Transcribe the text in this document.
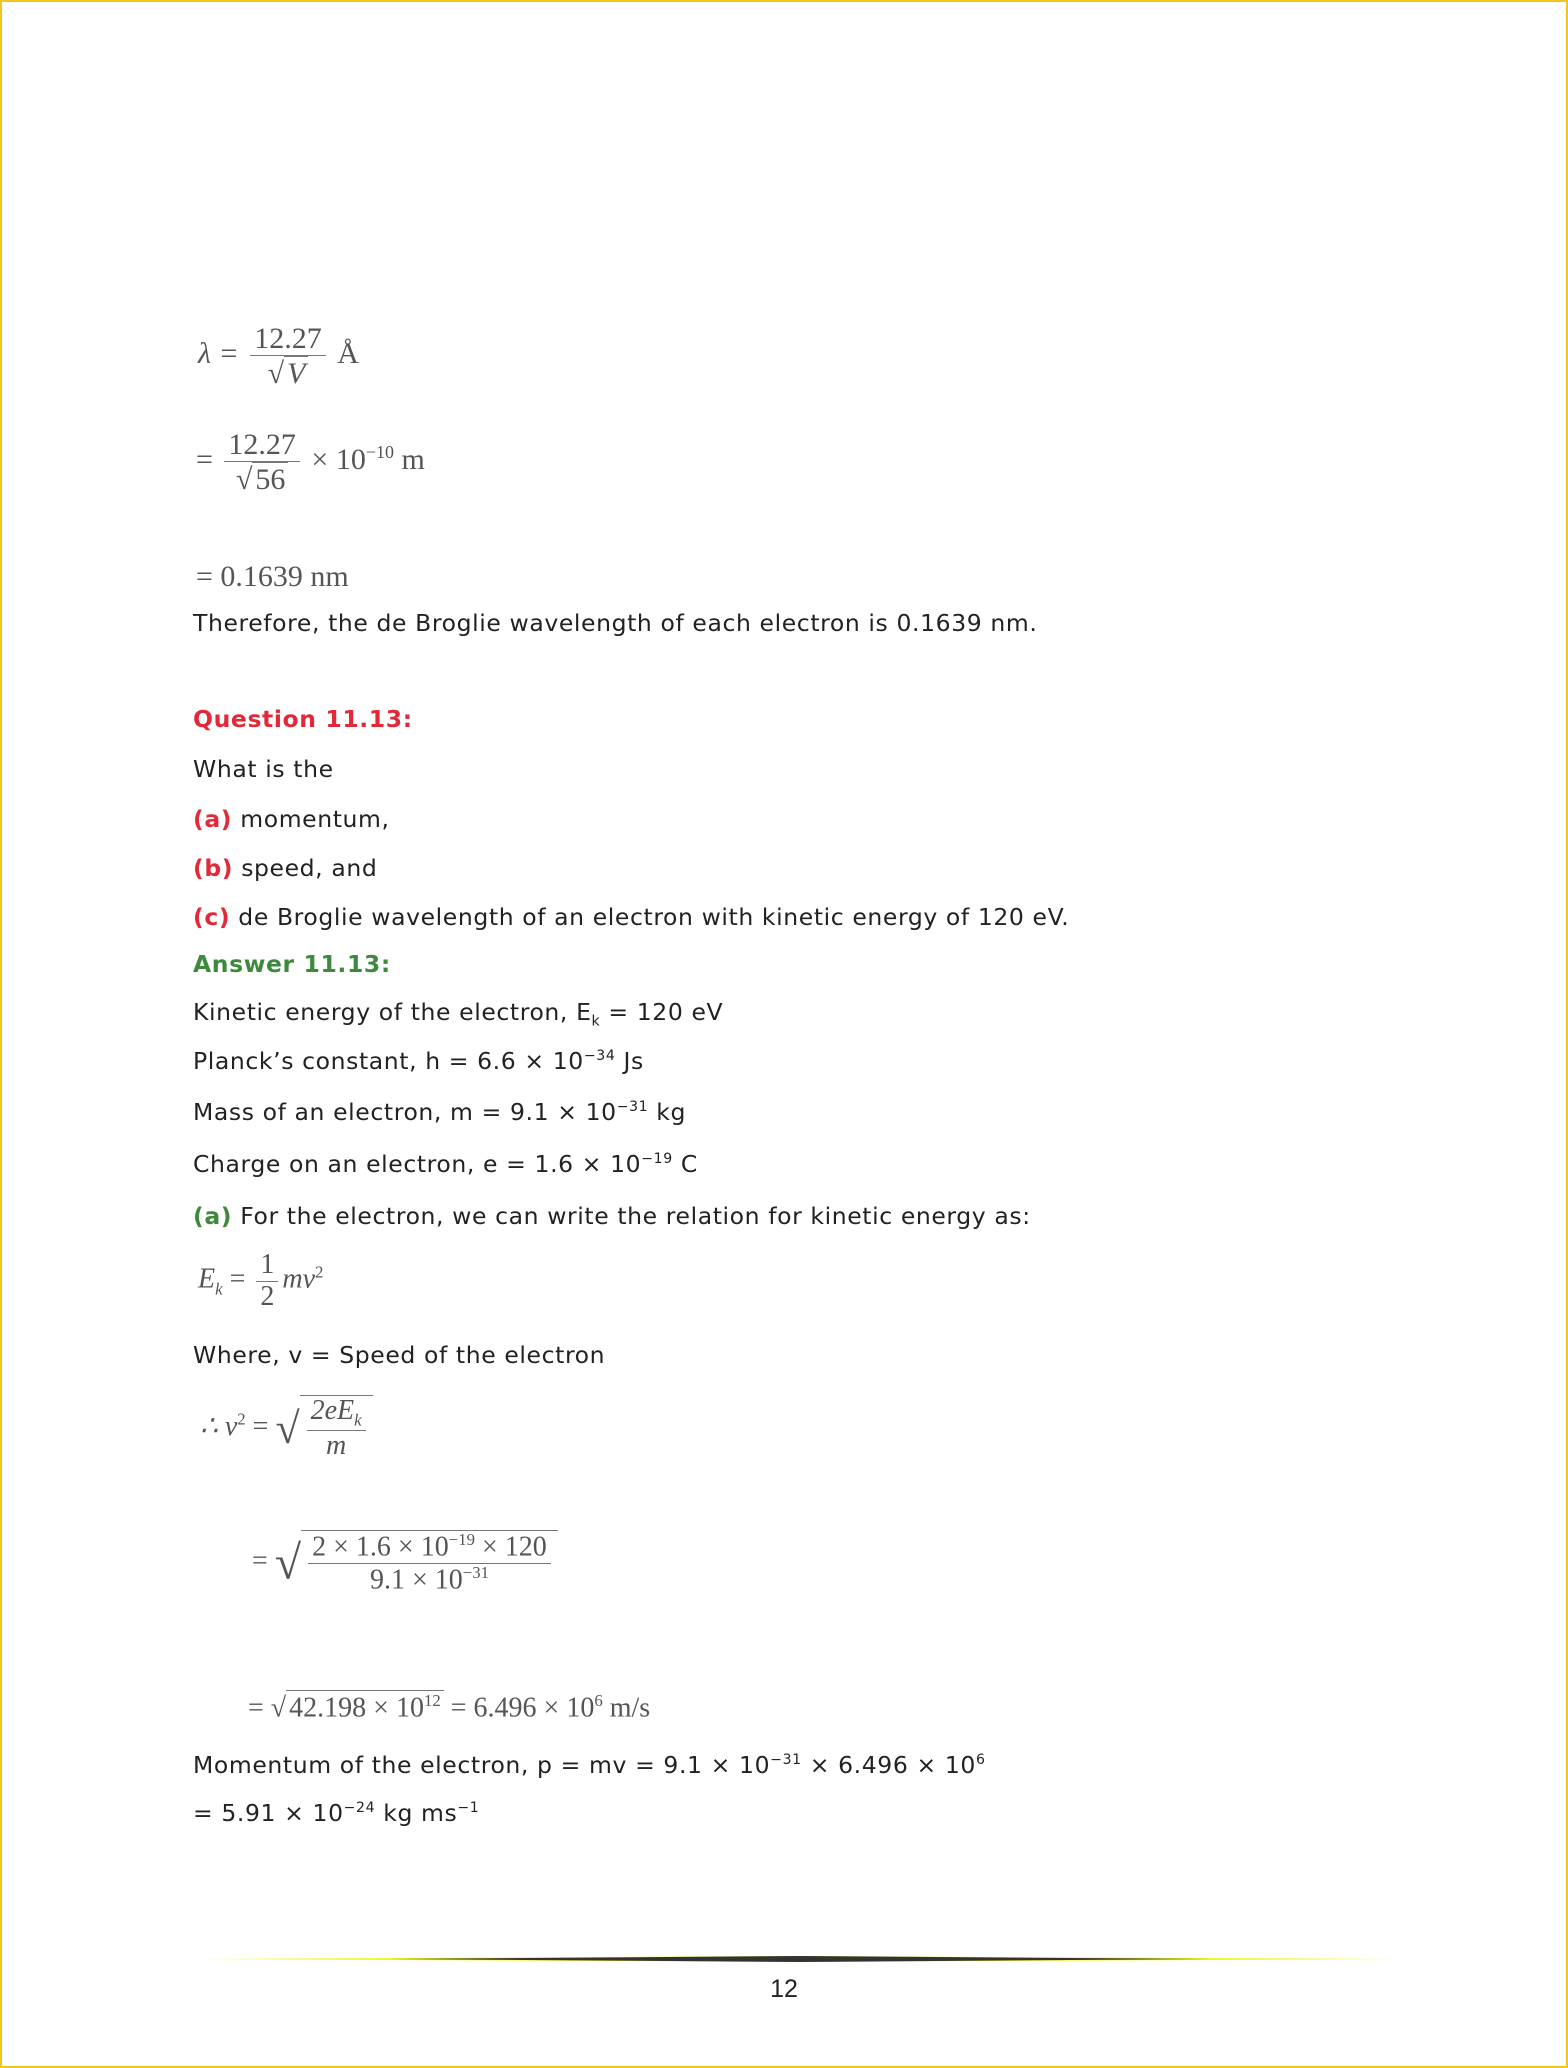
$\lambda = \frac{12.27}{√ V}$ Å
= $\frac{12.27}{√ 56} \times 10^{-10}$ m
= 0.1639 nm
Therefore, the de Broglie wavelength of each electron is 0.1639 nm.
Question 11.13:
What is the
(a) momentum,
(b) speed, and
(c) de Broglie wavelength of an electron with kinetic energy of 120 eV.
Answer 11.13:
Kinetic energy of the electron, $E_k = 120$ eV
Planck’s constant, $h = 6.6 \times 10^{-34}$ Js
Mass of an electron, $m = 9.1 \times 10^{-31}$ kg
Charge on an electron, $e = 1.6 \times 10^{-19}$ C
(a) For the electron, we can write the relation for kinetic energy as:
$E_k = \frac{1}{2} mv^2$
Where, v = Speed of the electron
∴ $v^2$ = √ $\frac{2eE_k}{m}$
= √ $\frac{2 \times 1.6 \times 10^{-19} \times 120}{9.1 \times 10^{-31}}$
= √ $42.198 \times 10^{12} = 6.496 \times 10^6$ m/s
Momentum of the electron, p = mv = $9.1 \times 10^{-31} \times 6.496 \times 10^6$
= $5.91 \times 10^{-24}$ kg $ms^{-1}$
12
